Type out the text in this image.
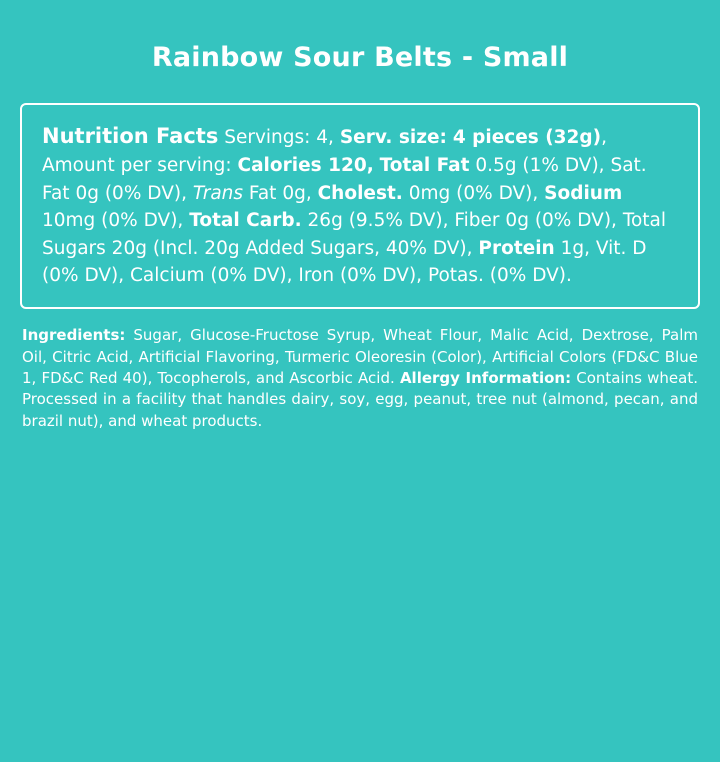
Rainbow Sour Belts - Small
Nutrition Facts Servings: 4, Serv. size: 4 pieces (32g), Amount per serving: Calories 120, Total Fat 0.5g (1% DV), Sat. Fat 0g (0% DV), Trans Fat 0g, Cholest. 0mg (0% DV), Sodium 10mg (0% DV), Total Carb. 26g (9.5% DV), Fiber 0g (0% DV), Total Sugars 20g (Incl. 20g Added Sugars, 40% DV), Protein 1g, Vit. D (0% DV), Calcium (0% DV), Iron (0% DV), Potas. (0% DV).
Ingredients: Sugar, Glucose-Fructose Syrup, Wheat Flour, Malic Acid, Dextrose, Palm Oil, Citric Acid, Artificial Flavoring, Turmeric Oleoresin (Color), Artificial Colors (FD&C Blue 1, FD&C Red 40), Tocopherols, and Ascorbic Acid. Allergy Information: Contains wheat. Processed in a facility that handles dairy, soy, egg, peanut, tree nut (almond, pecan, and brazil nut), and wheat products.
